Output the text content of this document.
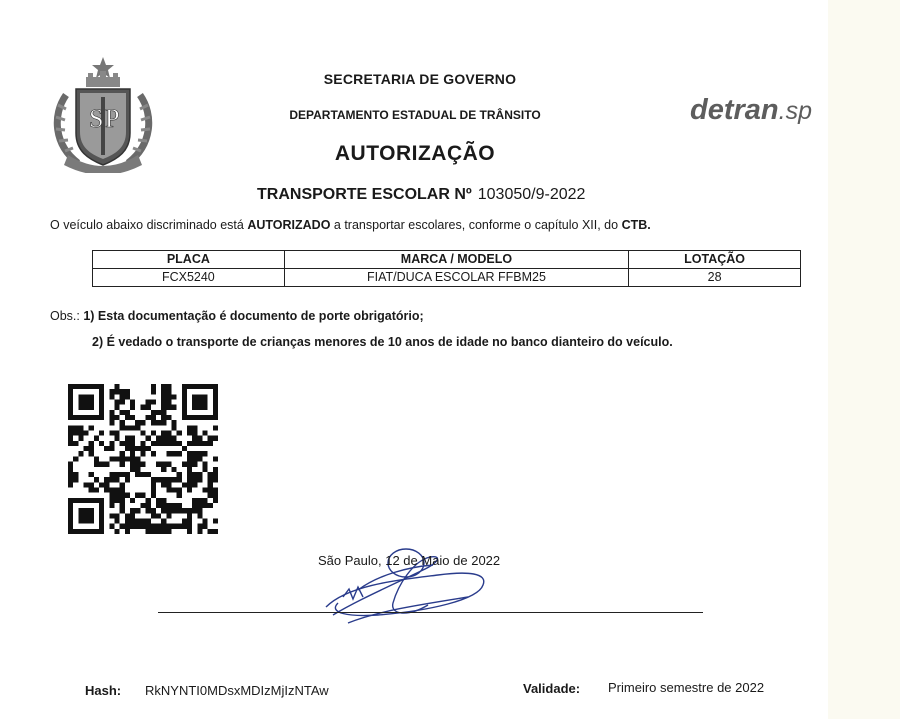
S P
SECRETARIA DE GOVERNO
DEPARTAMENTO ESTADUAL DE TRÂNSITO
AUTORIZAÇÃO
detran.sp
TRANSPORTE ESCOLAR Nº 103050/9-2022
O veículo abaixo discriminado está AUTORIZADO a transportar escolares, conforme o capítulo XII, do CTB.
PLACA	MARCA / MODELO	LOTAÇÃO
FCX5240	FIAT/DUCA ESCOLAR FFBM25	28
Obs.: 1) Esta documentação é documento de porte obrigatório;
2) É vedado o transporte de crianças menores de 10 anos de idade no banco dianteiro do veículo.
São Paulo, 12 de Maio de 2022
Hash: RkNYNTI0MDsxMDIzMjIzNTAw	Validade: Primeiro semestre de 2022
